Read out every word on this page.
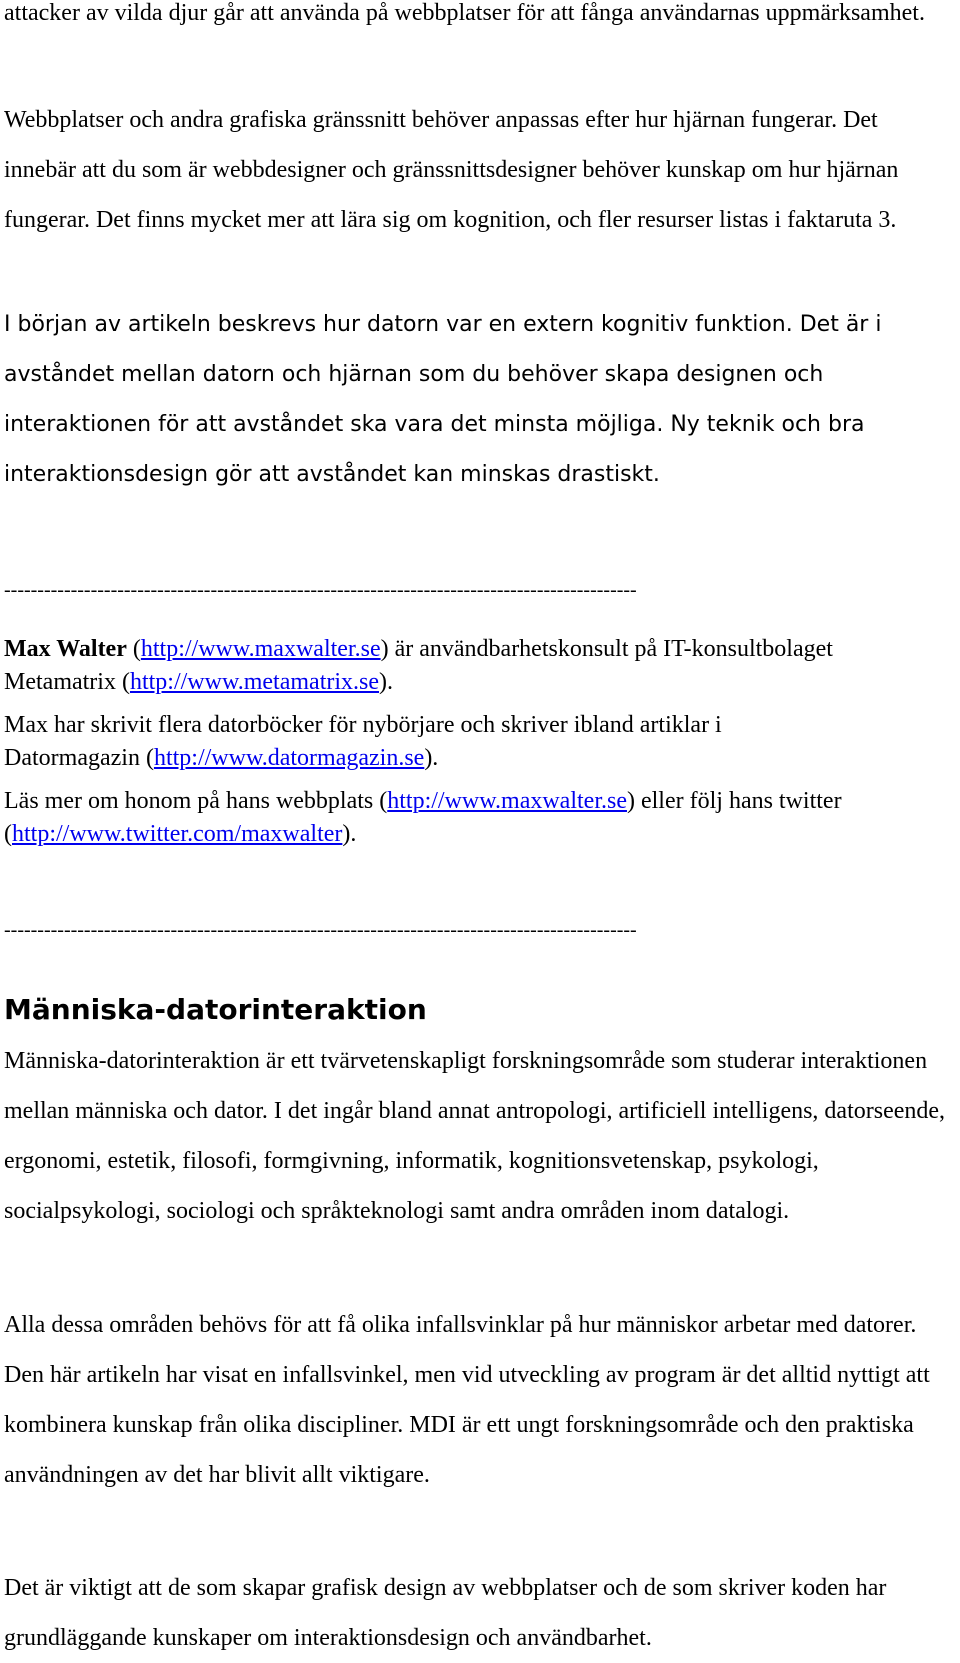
attacker av vilda djur går att använda på webbplatser för att fånga användarnas uppmärksamhet.

Webbplatser och andra grafiska gränssnitt behöver anpassas efter hur hjärnan fungerar. Det innebär att du som är webbdesigner och gränssnittsdesigner behöver kunskap om hur hjärnan fungerar. Det finns mycket mer att lära sig om kognition, och fler resurser listas i faktaruta 3.

I början av artikeln beskrevs hur datorn var en extern kognitiv funktion. Det är i avståndet mellan datorn och hjärnan som du behöver skapa designen och interaktionen för att avståndet ska vara det minsta möjliga. Ny teknik och bra interaktionsdesign gör att avståndet kan minskas drastiskt.

-----------------------------------------------------------------------------------------------

Max Walter (http://www.maxwalter.se) är användbarhetskonsult på IT-konsultbolaget Metamatrix (http://www.metamatrix.se).

Max har skrivit flera datorböcker för nybörjare och skriver ibland artiklar i Datormagazin (http://www.datormagazin.se).

Läs mer om honom på hans webbplats (http://www.maxwalter.se) eller följ hans twitter (http://www.twitter.com/maxwalter).

-----------------------------------------------------------------------------------------------
Människa-datorinteraktion

Människa-datorinteraktion är ett tvärvetenskapligt forskningsområde som studerar interaktionen mellan människa och dator. I det ingår bland annat antropologi, artificiell intelligens, datorseende, ergonomi, estetik, filosofi, formgivning, informatik, kognitionsvetenskap, psykologi, socialpsykologi, sociologi och språkteknologi samt andra områden inom datalogi.

Alla dessa områden behövs för att få olika infallsvinklar på hur människor arbetar med datorer. Den här artikeln har visat en infallsvinkel, men vid utveckling av program är det alltid nyttigt att kombinera kunskap från olika discipliner. MDI är ett ungt forskningsområde och den praktiska användningen av det har blivit allt viktigare.

Det är viktigt att de som skapar grafisk design av webbplatser och de som skriver koden har grundläggande kunskaper om interaktionsdesign och användbarhet.
